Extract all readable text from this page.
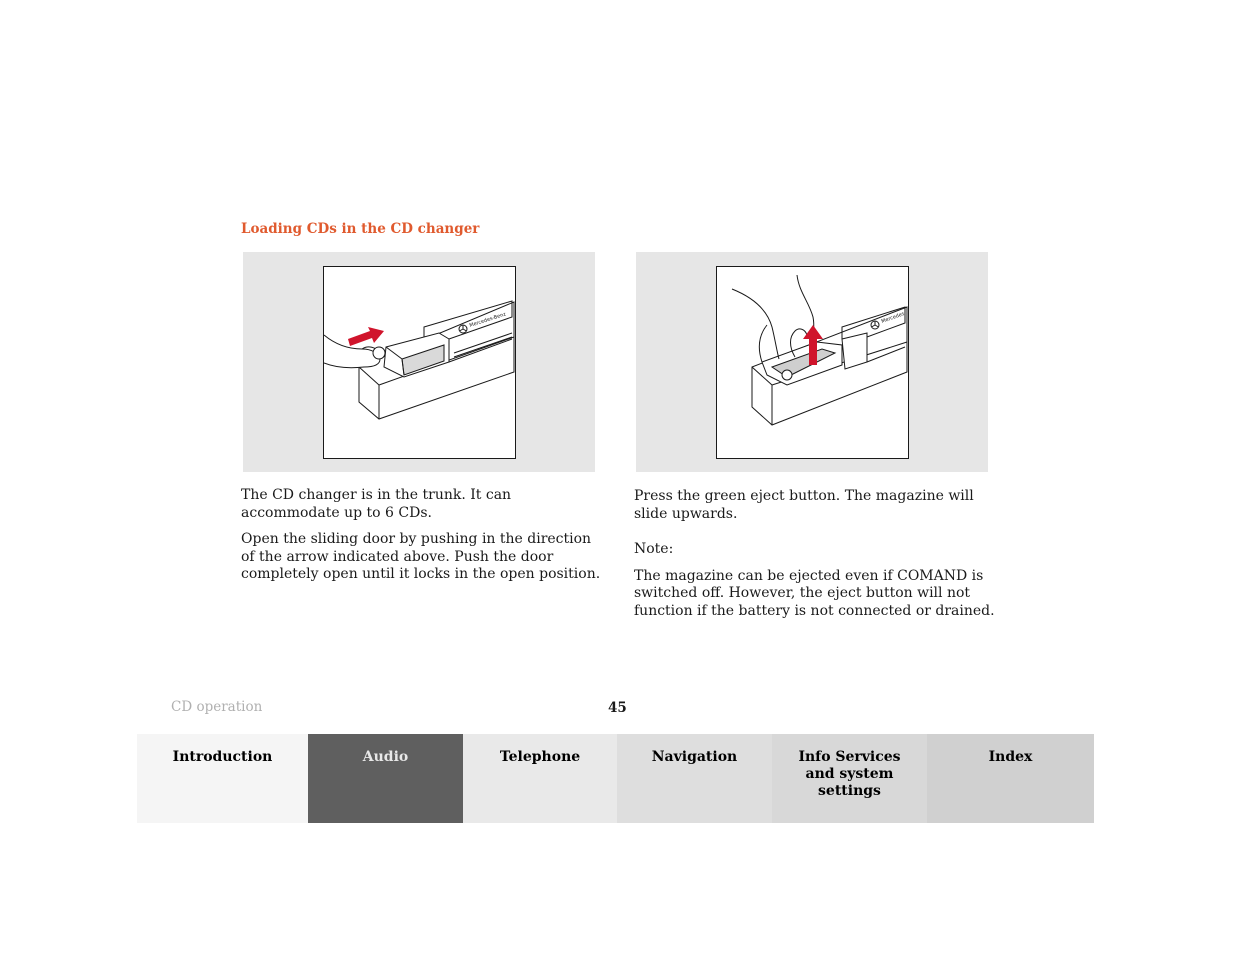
Loading CDs in the CD changer
Mercedes-Benz	Mercedes

The CD changer is in the trunk. It can accommodate up to 6 CDs.

Open the sliding door by pushing in the direction of the arrow indicated above. Push the door completely open until it locks in the open position.

Press the green eject button. The magazine will slide upwards.

Note:

The magazine can be ejected even if COMAND is switched off. However, the eject button will not function if the battery is not connected or drained.

CD operation	45
Introduction	Audio	Telephone	Navigation	Info Services and system settings
Index
